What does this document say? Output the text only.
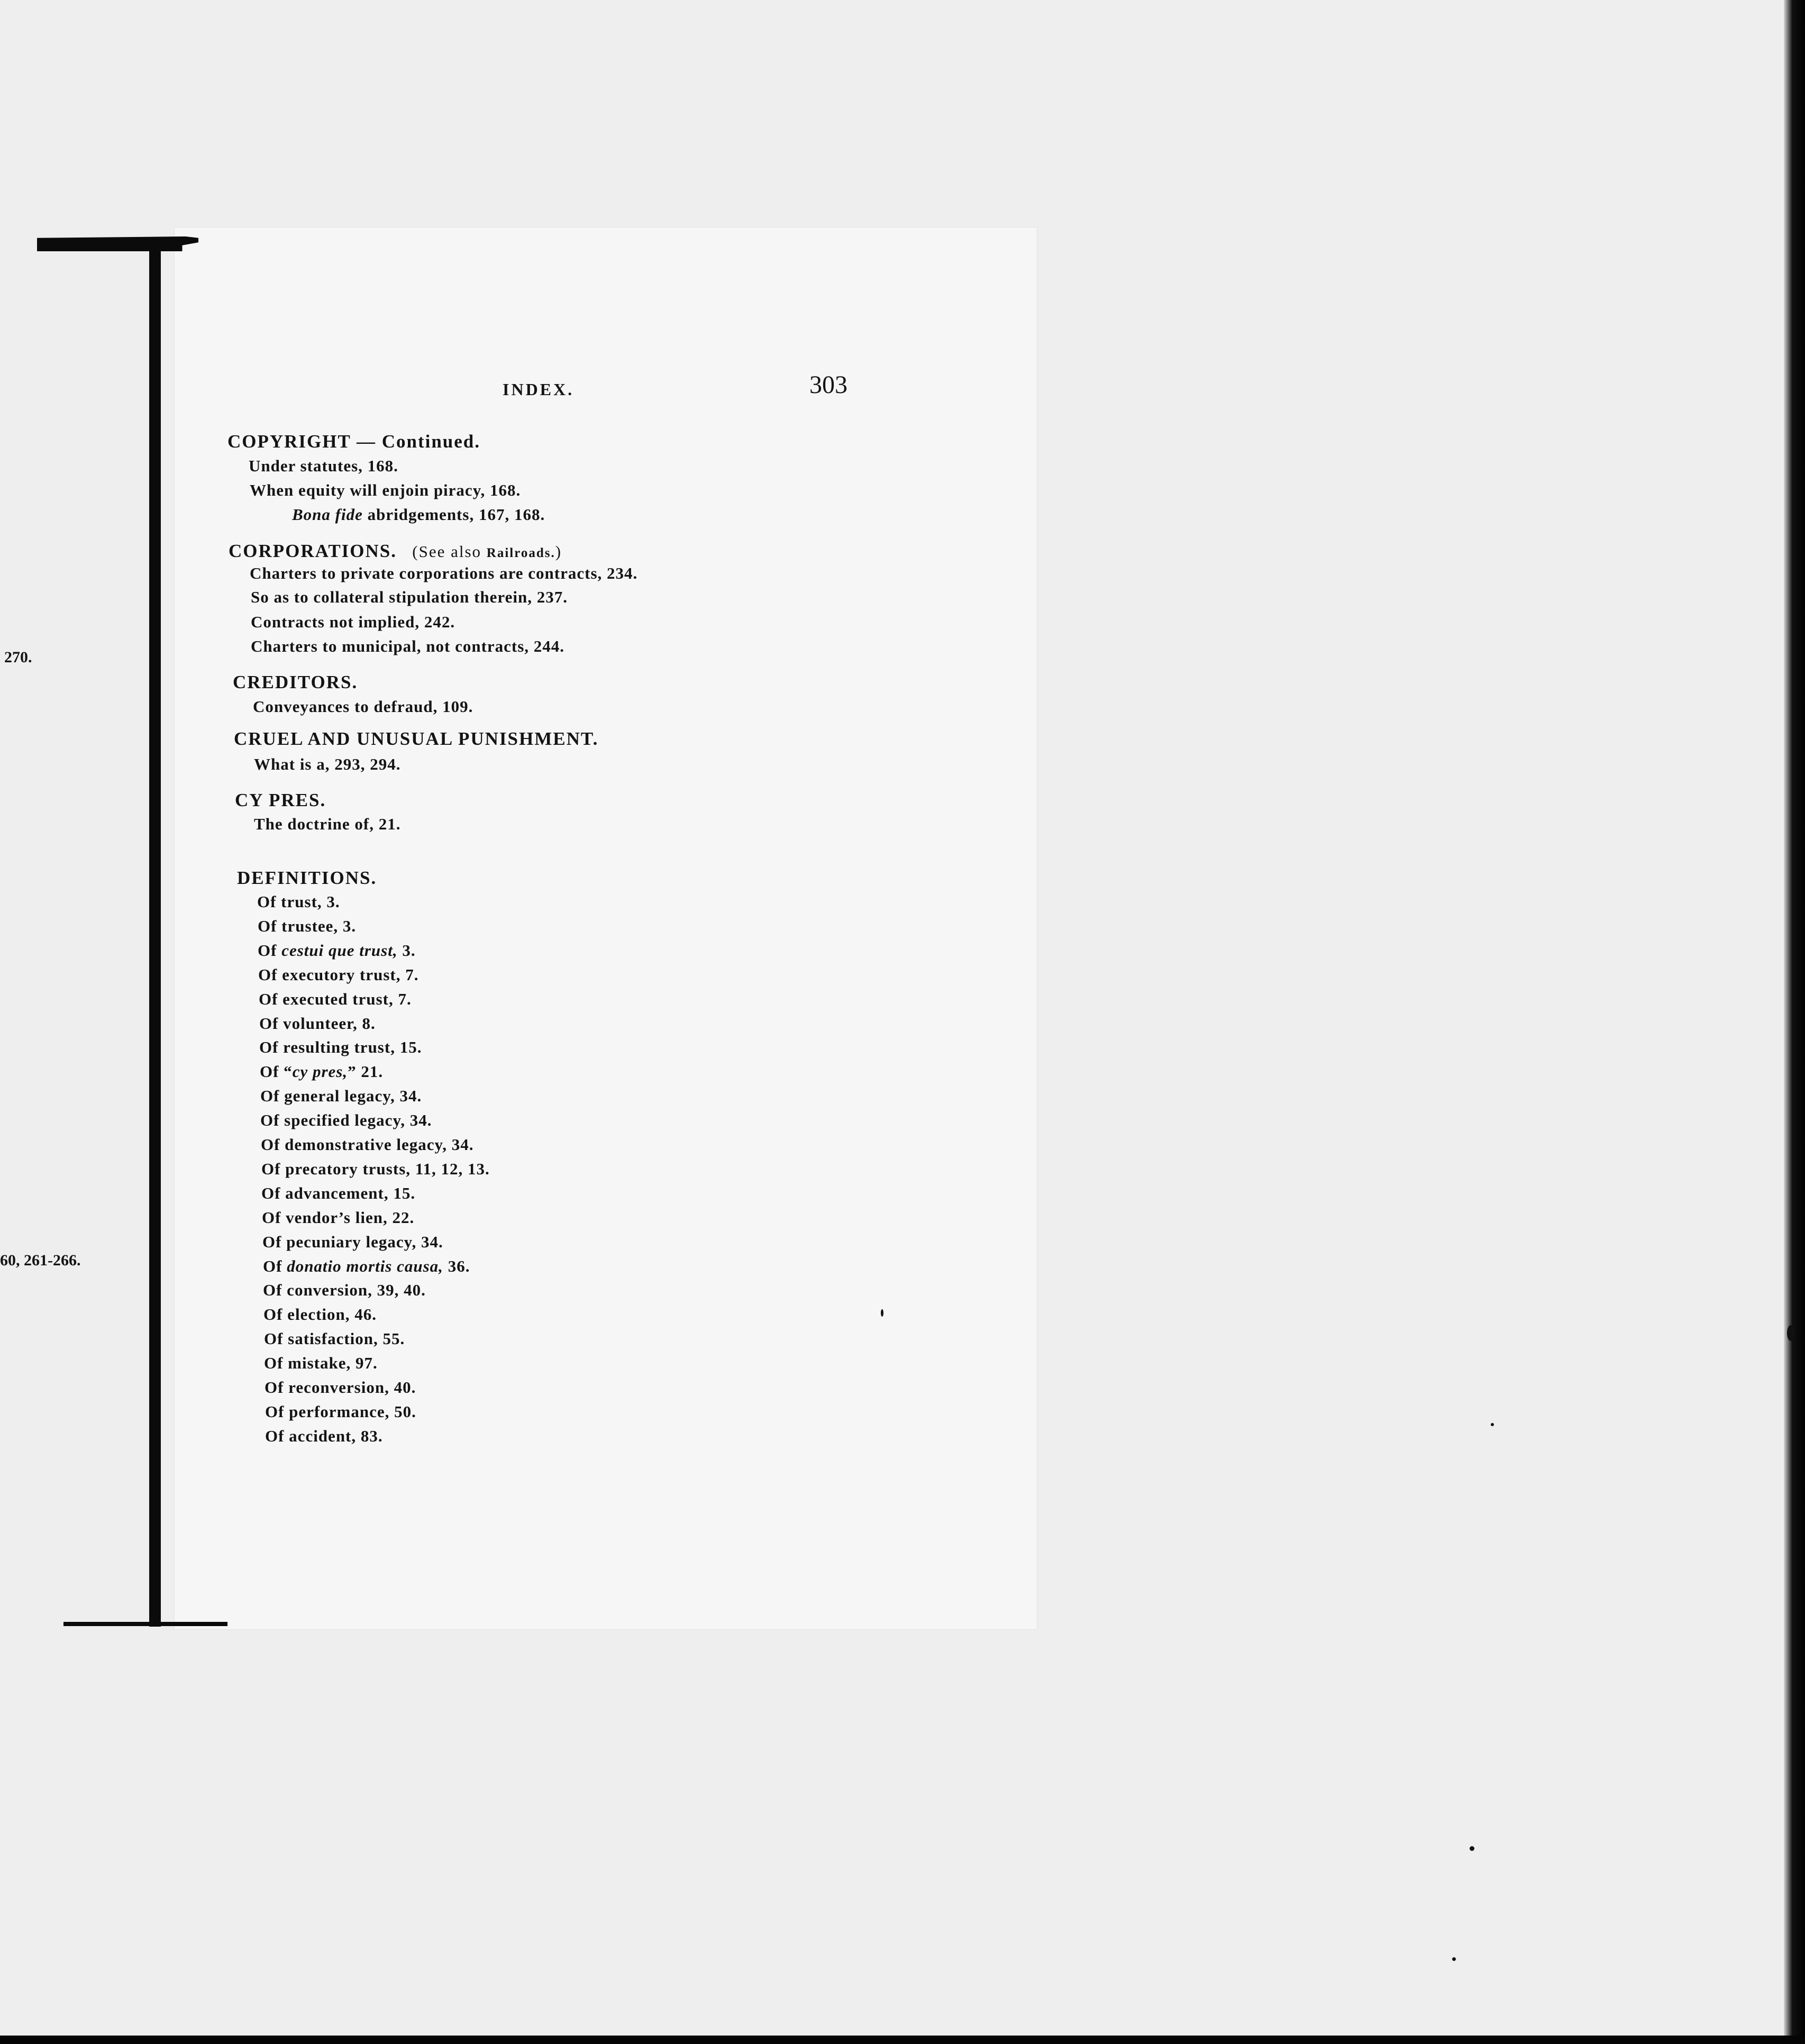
270.
60, 261-266.
INDEX.	303
COPYRIGHT — Continued.
Under statutes, 168.
When equity will enjoin piracy, 168.
Bona fide abridgements, 167, 168.
CORPORATIONS. (See also Railroads.)
Charters to private corporations are contracts, 234.
So as to collateral stipulation therein, 237.
Contracts not implied, 242.
Charters to municipal, not contracts, 244.
CREDITORS.
Conveyances to defraud, 109.
CRUEL AND UNUSUAL PUNISHMENT.
What is a, 293, 294.
CY PRES.
The doctrine of, 21.
DEFINITIONS.
Of trust, 3.
Of trustee, 3.
Of cestui que trust, 3.
Of executory trust, 7.
Of executed trust, 7.
Of volunteer, 8.
Of resulting trust, 15.
Of “cy pres,” 21.
Of general legacy, 34.
Of specified legacy, 34.
Of demonstrative legacy, 34.
Of precatory trusts, 11, 12, 13.
Of advancement, 15.
Of vendor’s lien, 22.
Of pecuniary legacy, 34.
Of donatio mortis causa, 36.
Of conversion, 39, 40.
Of election, 46.
Of satisfaction, 55.
Of mistake, 97.
Of reconversion, 40.
Of performance, 50.
Of accident, 83.
